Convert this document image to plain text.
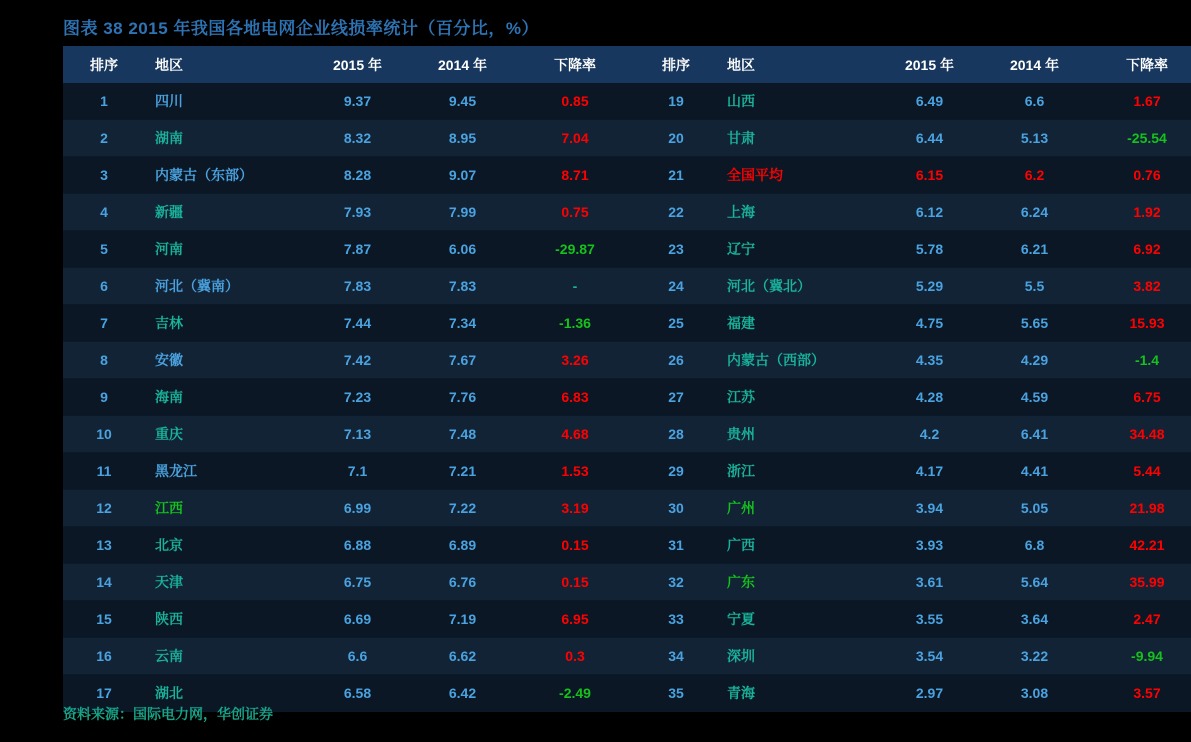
图表 38 2015 年我国各地电网企业线损率统计（百分比，%）
排序	地区	2015 年	2014 年	下降率	排序	地区	2015 年	2014 年	下降率
1	四川	9.37	9.45	0.85	19	山西	6.49	6.6	1.67
2	湖南	8.32	8.95	7.04	20	甘肃	6.44	5.13	-25.54
3	内蒙古（东部）	8.28	9.07	8.71	21	全国平均	6.15	6.2	0.76
4	新疆	7.93	7.99	0.75	22	上海	6.12	6.24	1.92
5	河南	7.87	6.06	-29.87	23	辽宁	5.78	6.21	6.92
6	河北（冀南）	7.83	7.83	-	24	河北（冀北）	5.29	5.5	3.82
7	吉林	7.44	7.34	-1.36	25	福建	4.75	5.65	15.93
8	安徽	7.42	7.67	3.26	26	内蒙古（西部）	4.35	4.29	-1.4
9	海南	7.23	7.76	6.83	27	江苏	4.28	4.59	6.75
10	重庆	7.13	7.48	4.68	28	贵州	4.2	6.41	34.48
11	黑龙江	7.1	7.21	1.53	29	浙江	4.17	4.41	5.44
12	江西	6.99	7.22	3.19	30	广州	3.94	5.05	21.98
13	北京	6.88	6.89	0.15	31	广西	3.93	6.8	42.21
14	天津	6.75	6.76	0.15	32	广东	3.61	5.64	35.99
15	陕西	6.69	7.19	6.95	33	宁夏	3.55	3.64	2.47
16	云南	6.6	6.62	0.3	34	深圳	3.54	3.22	-9.94
17	湖北	6.58	6.42	-2.49	35	青海	2.97	3.08	3.57
资料来源：国际电力网，华创证券
